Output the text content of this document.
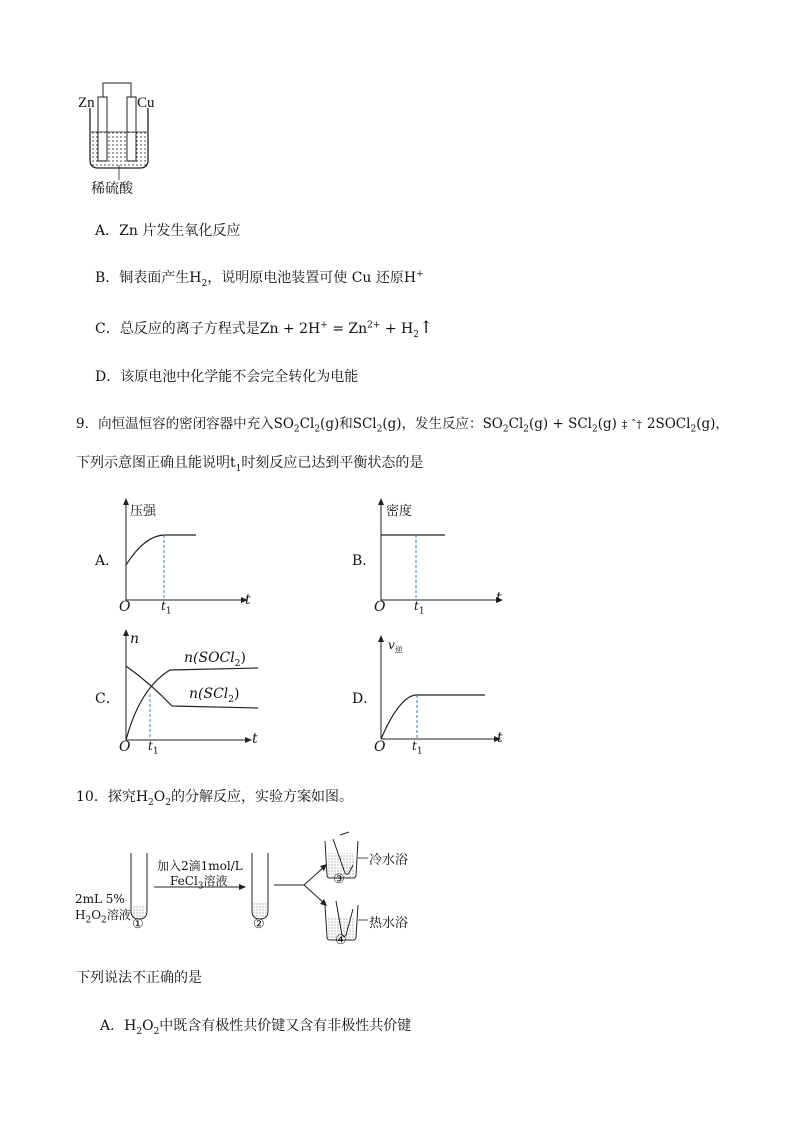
Zn	Cu
稀硫酸
A．Zn 片发生氧化反应
B．铜表面产生$H_2$，说明原电池装置可使 Cu 还原H+
C．总反应的离子方程式是$Zn + 2H^+ = Zn^{2+}$ + $H_2↑$
D．该原电池中化学能不会完全转化为电能
9．向恒温恒容的密闭容器中充入$SO_2Cl_2(g)$和SCl$_2$(g)，发生反应：$SO_2Cl_2(g) + SCl_2(g)$ ‡ ˆ† 2SOCl$_2$(g)，
下列示意图正确且能说明$t_1$时刻反应已达到平衡状态的是
A．
压强
O	$t_1$
t
B．
密度
O $t_1$
t
C．
n
n(SOCl$_2$)
n(SCl$_2$)
O $t_1$
t
D．
$v_逆$
O $t_1$
t
10．探究$H_2O_2$的分解反应，实验方案如图。
2mL 5%
$H_2O_2$溶液
①
加入2滴1mol/L
FeCl$_3$溶液
②
③
④
冷水浴
热水浴
下列说法不正确的是
A．$H_2O_2$中既含有极性共价键又含有非极性共价键
